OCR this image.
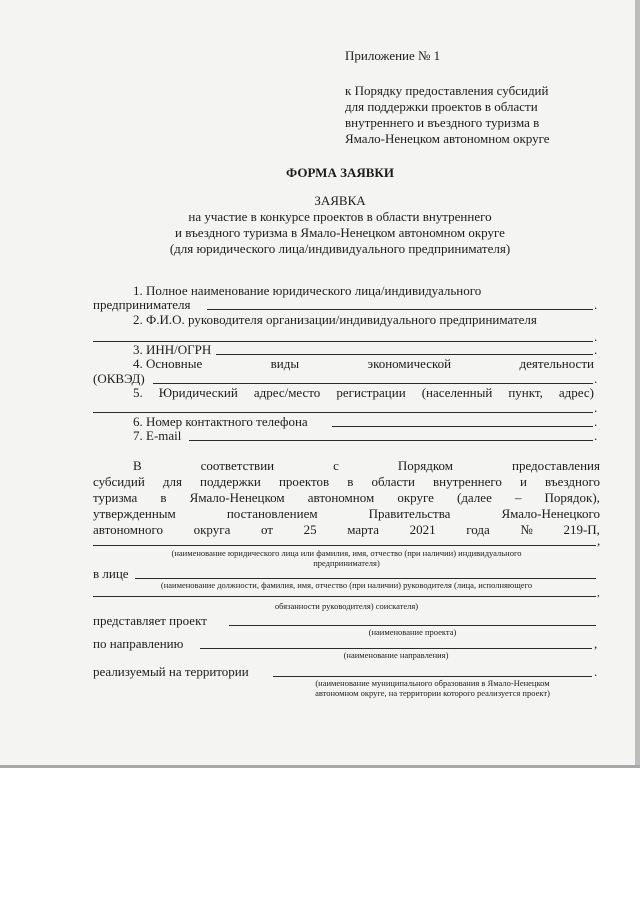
Приложение № 1
к Порядку предоставления субсидий
для поддержки проектов в области
внутреннего и въездного туризма в
Ямало-Ненецком автономном округе
ФОРМА ЗАЯВКИ
ЗАЯВКА
на участие в конкурсе проектов в области внутреннего
и въездного туризма в Ямало-Ненецком автономном округе
(для юридического лица/индивидуального предпринимателя)
1. Полное наименование юридического лица/индивидуального
предпринимателя	.
2. Ф.И.О. руководителя организации/индивидуального предпринимателя
.
3. ИНН/ОГРН	.
4. Основные	виды	экономической	деятельности
(ОКВЭД)	.
5. Юридический адрес/место регистрации (населенный пункт, адрес)
.
6. Номер контактного телефона	.
7. E-mail	.
В	соответствии	с	Порядком	предоставления
субсидий для поддержки проектов в области внутреннего и въездного
туризма в Ямало-Ненецком автономном округе (далее – Порядок),
утвержденным	постановлением	Правительства	Ямало-Ненецкого
автономного округа от 25 марта 2021 года № 219-П,
,
(наименование юридического лица или фамилия, имя, отчество (при наличии) индивидуального
предпринимателя)
в лице
(наименование должности, фамилия, имя, отчество (при наличии) руководителя (лица, исполняющего
,
обязанности руководителя) соискателя)
представляет проект
(наименование проекта)
по направлению	,
(наименование направления)
реализуемый на территории	.
(наименование муниципального образования в Ямало-Ненецком
автономном округе, на территории которого реализуется проект)
